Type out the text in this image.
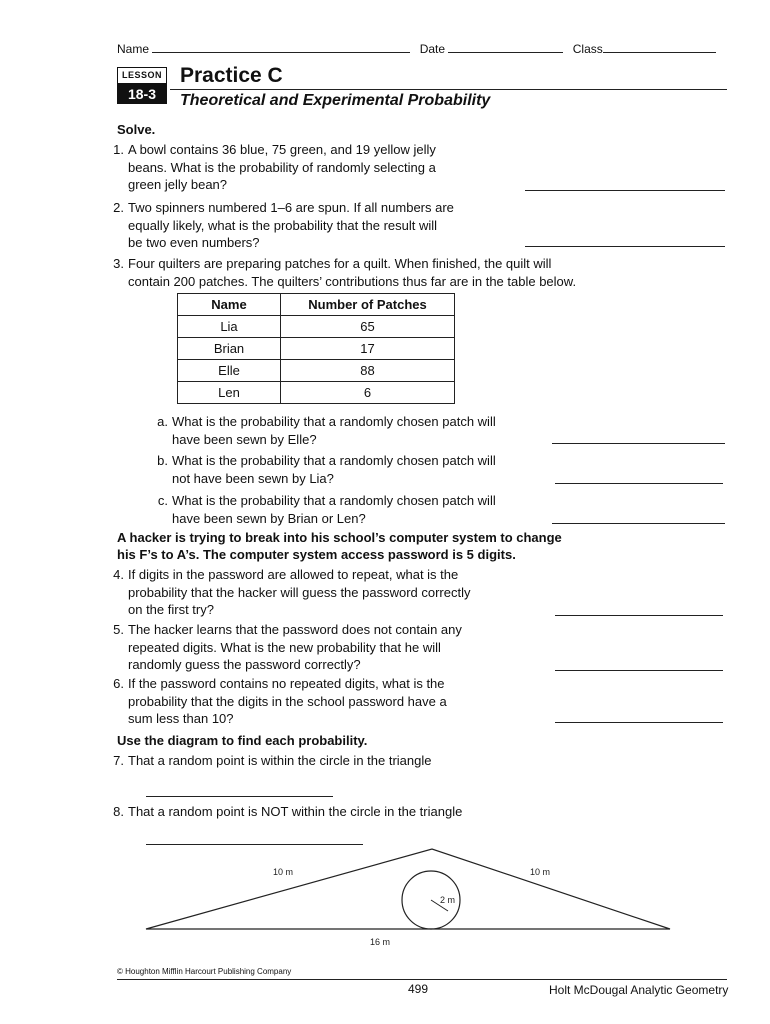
Name	Date	Class
LESSON
18-3
Practice C
Theoretical and Experimental Probability
Solve.
1. A bowl contains 36 blue, 75 green, and 19 yellow jelly
beans. What is the probability of randomly selecting a
green jelly bean?
2. Two spinners numbered 1–6 are spun. If all numbers are
equally likely, what is the probability that the result will
be two even numbers?
3. Four quilters are preparing patches for a quilt. When finished, the quilt will
contain 200 patches. The quilters’ contributions thus far are in the table below.
Name	Number of Patches
Lia	65
Brian	17
Elle	88
Len	6
a. What is the probability that a randomly chosen patch will
have been sewn by Elle?
b. What is the probability that a randomly chosen patch will
not have been sewn by Lia?
c. What is the probability that a randomly chosen patch will
have been sewn by Brian or Len?
A hacker is trying to break into his school’s computer system to change
his F’s to A’s. The computer system access password is 5 digits.
4. If digits in the password are allowed to repeat, what is the
probability that the hacker will guess the password correctly
on the first try?
5. The hacker learns that the password does not contain any
repeated digits. What is the new probability that he will
randomly guess the password correctly?
6. If the password contains no repeated digits, what is the
probability that the digits in the school password have a
sum less than 10?
Use the diagram to find each probability.
7. That a random point is within the circle in the triangle
8. That a random point is NOT within the circle in the triangle
10 m	10 m
2 m
16 m
© Houghton Mifflin Harcourt Publishing Company
499	Holt McDougal Analytic Geometry
